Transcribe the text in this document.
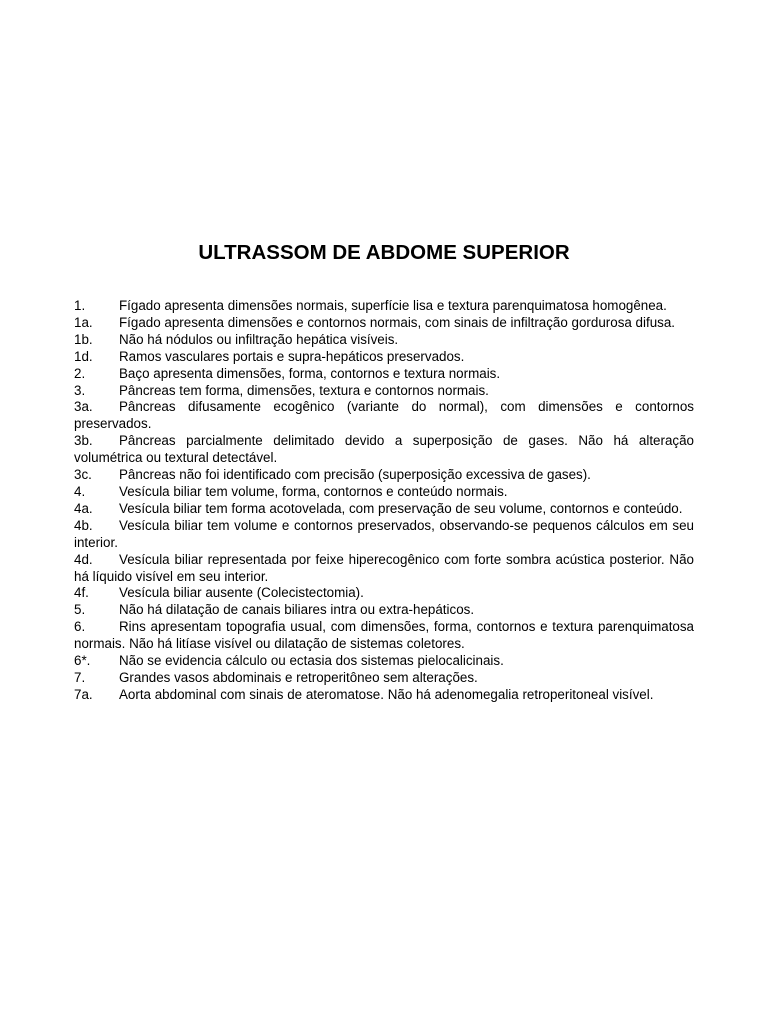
ULTRASSOM DE ABDOME SUPERIOR
1.	Fígado apresenta dimensões normais, superfície lisa e textura parenquimatosa homogênea.
1a. Fígado apresenta dimensões e contornos normais, com sinais de infiltração gordurosa difusa.
1b. Não há nódulos ou infiltração hepática visíveis.
1d. Ramos vasculares portais e supra-hepáticos preservados.
2.	Baço apresenta dimensões, forma, contornos e textura normais.
3.	Pâncreas tem forma, dimensões, textura e contornos normais.
3a. Pâncreas difusamente ecogênico (variante do normal), com dimensões e contornos preservados.
3b. Pâncreas parcialmente delimitado devido a superposição de gases. Não há alteração volumétrica ou textural detectável.
3c. Pâncreas não foi identificado com precisão (superposição excessiva de gases).
4.	Vesícula biliar tem volume, forma, contornos e conteúdo normais.
4a. Vesícula biliar tem forma acotovelada, com preservação de seu volume, contornos e conteúdo.
4b. Vesícula biliar tem volume e contornos preservados, observando-se pequenos cálculos em seu interior.
4d. Vesícula biliar representada por feixe hiperecogênico com forte sombra acústica posterior. Não há líquido visível em seu interior.
4f. Vesícula biliar ausente (Colecistectomia).
5.	Não há dilatação de canais biliares intra ou extra-hepáticos.
6.	Rins apresentam topografia usual, com dimensões, forma, contornos e textura parenquimatosa normais. Não há litíase visível ou dilatação de sistemas coletores.
6*. Não se evidencia cálculo ou ectasia dos sistemas pielocalicinais.
7.	Grandes vasos abdominais e retroperitôneo sem alterações.
7a. Aorta abdominal com sinais de ateromatose. Não há adenomegalia retroperitoneal visível.
